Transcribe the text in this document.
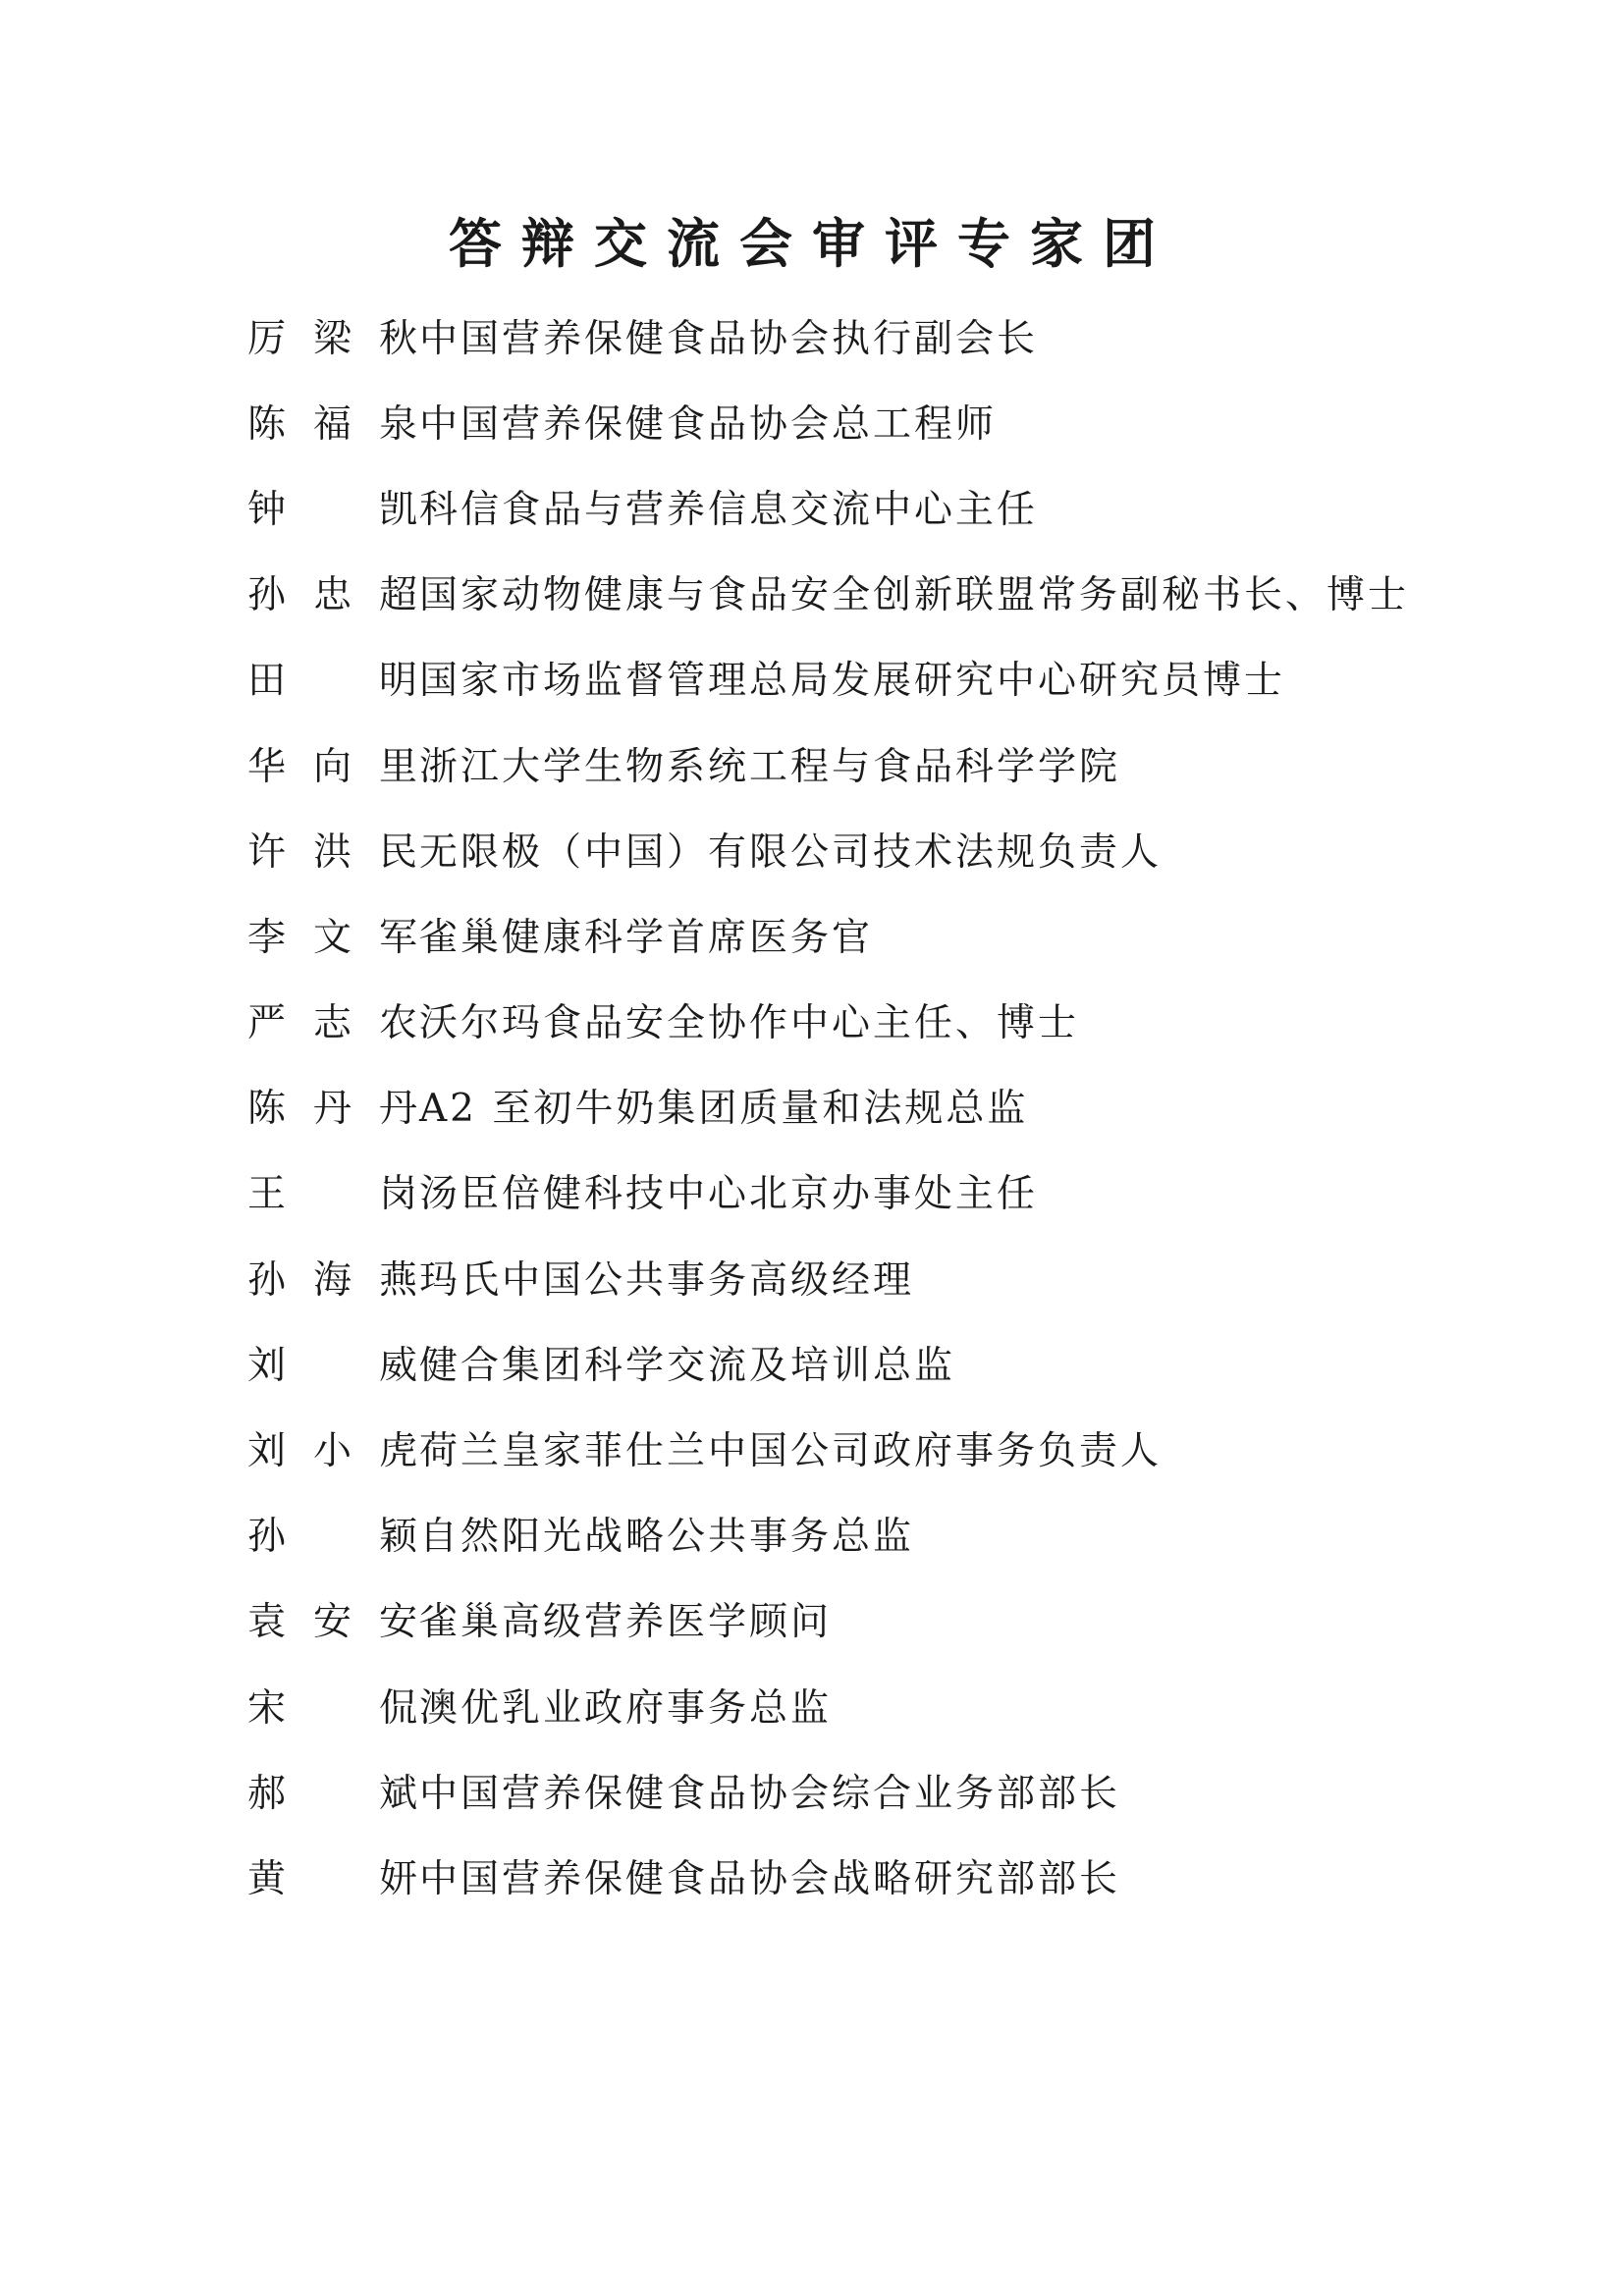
答辩交流会审评专家团
厉 梁 秋 中国营养保健食品协会执行副会长
陈 福 泉 中国营养保健食品协会总工程师
钟 凯 科信食品与营养信息交流中心主任
孙 忠 超 国家动物健康与食品安全创新联盟常务副秘书长、博士
田 明 国家市场监督管理总局发展研究中心研究员博士
华 向 里 浙江大学生物系统工程与食品科学学院
许 洪 民 无限极（中国）有限公司技术法规负责人
李 文 军 雀巢健康科学首席医务官
严 志 农 沃尔玛食品安全协作中心主任、博士
陈 丹 丹 A2 至初牛奶集团质量和法规总监
王 岗 汤臣倍健科技中心北京办事处主任
孙 海 燕 玛氏中国公共事务高级经理
刘 威 健合集团科学交流及培训总监
刘 小 虎 荷兰皇家菲仕兰中国公司政府事务负责人
孙 颖 自然阳光战略公共事务总监
袁 安 安 雀巢高级营养医学顾问
宋 侃 澳优乳业政府事务总监
郝 斌 中国营养保健食品协会综合业务部部长
黄 妍 中国营养保健食品协会战略研究部部长
